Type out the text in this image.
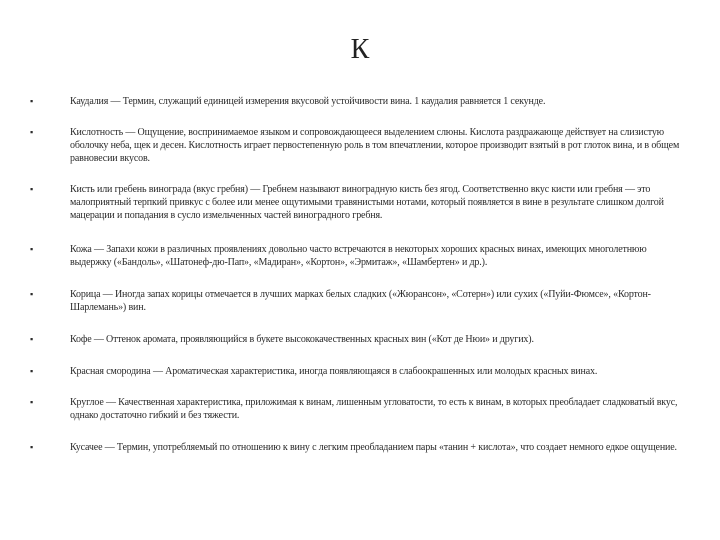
К
▪	Каудалия — Термин, служащий единицей измерения вкусовой устойчивости вина. 1 каудалия равняется 1 секунде.
▪	Кислотность — Ощущение, воспринимаемое языком и сопровождающееся выделением слюны. Кислота раздражающе действует на слизистую оболочку неба, щек и десен. Кислотность играет первостепенную роль в том впечатлении, которое производит взятый в рот глоток вина, и в общем равновесии вкусов.
▪	Кисть или гребень винограда (вкус гребня) — Гребнем называют виноградную кисть без ягод. Соответственно вкус кисти или гребня — это малоприятный терпкий привкус с более или менее ощутимыми травянистыми нотами, который появляется в вине в результате слишком долгой мацерации и попадания в сусло измельченных частей виноградного гребня.
▪	Кожа — Запахи кожи в различных проявлениях довольно часто встречаются в некоторых хороших красных винах, имеющих многолетнюю выдержку («Бандоль», «Шатонеф-дю-Пап», «Мадиран», «Кортон», «Эрмитаж», «Шамбертен» и др.).
▪	Корица — Иногда запах корицы отмечается в лучших марках белых сладких («Жюрансон», «Сотерн») или сухих («Пуйи-Фюмсе», «Кортон-Шарлемань») вин.
▪	Кофе — Оттенок аромата, проявляющийся в букете высококачественных красных вин («Кот де Нюи» и других).
▪	Красная смородина — Ароматическая характеристика, иногда появляющаяся в слабоокрашенных или молодых красных винах.
▪	Круглое — Качественная характеристика, приложимая к винам, лишенным угловатости, то есть к винам, в которых преобладает сладковатый вкус, однако достаточно гибкий и без тяжести.
▪	Кусачее — Термин, употребляемый по отношению к вину с легким преобладанием пары «танин + кислота», что создает немного едкое ощущение.
